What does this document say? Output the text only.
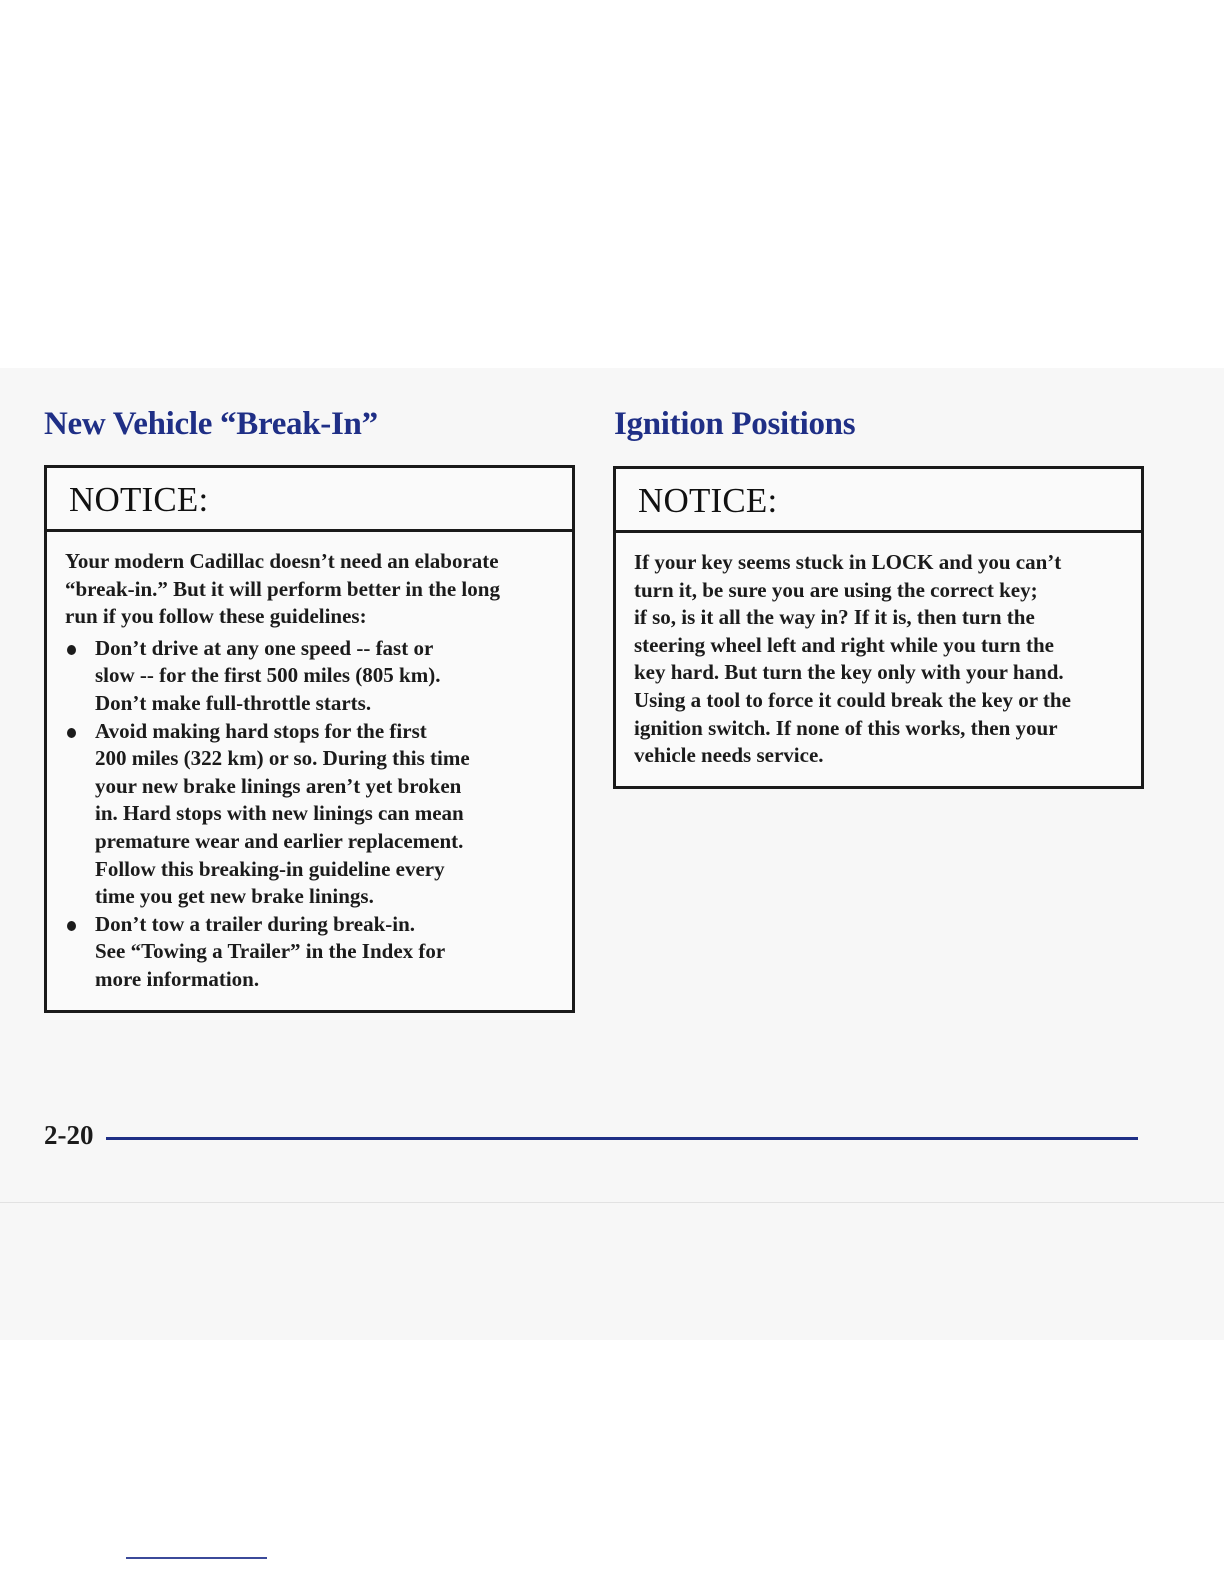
New Vehicle “Break-In”	Ignition Positions
NOTICE:

Your modern Cadillac doesn’t need an elaborate
“break-in.” But it will perform better in the long
run if you follow these guidelines:

Don’t drive at any one speed -- fast or
slow -- for the first 500 miles (805 km).
Don’t make full-throttle starts.

Avoid making hard stops for the first
200 miles (322 km) or so. During this time
your new brake linings aren’t yet broken
in. Hard stops with new linings can mean
premature wear and earlier replacement.
Follow this breaking-in guideline every
time you get new brake linings.

Don’t tow a trailer during break-in.
See “Towing a Trailer” in the Index for
more information.

NOTICE:

If your key seems stuck in LOCK and you can’t
turn it, be sure you are using the correct key;
if so, is it all the way in? If it is, then turn the
steering wheel left and right while you turn the
key hard. But turn the key only with your hand.
Using a tool to force it could break the key or the
ignition switch. If none of this works, then your
vehicle needs service.

2-20
